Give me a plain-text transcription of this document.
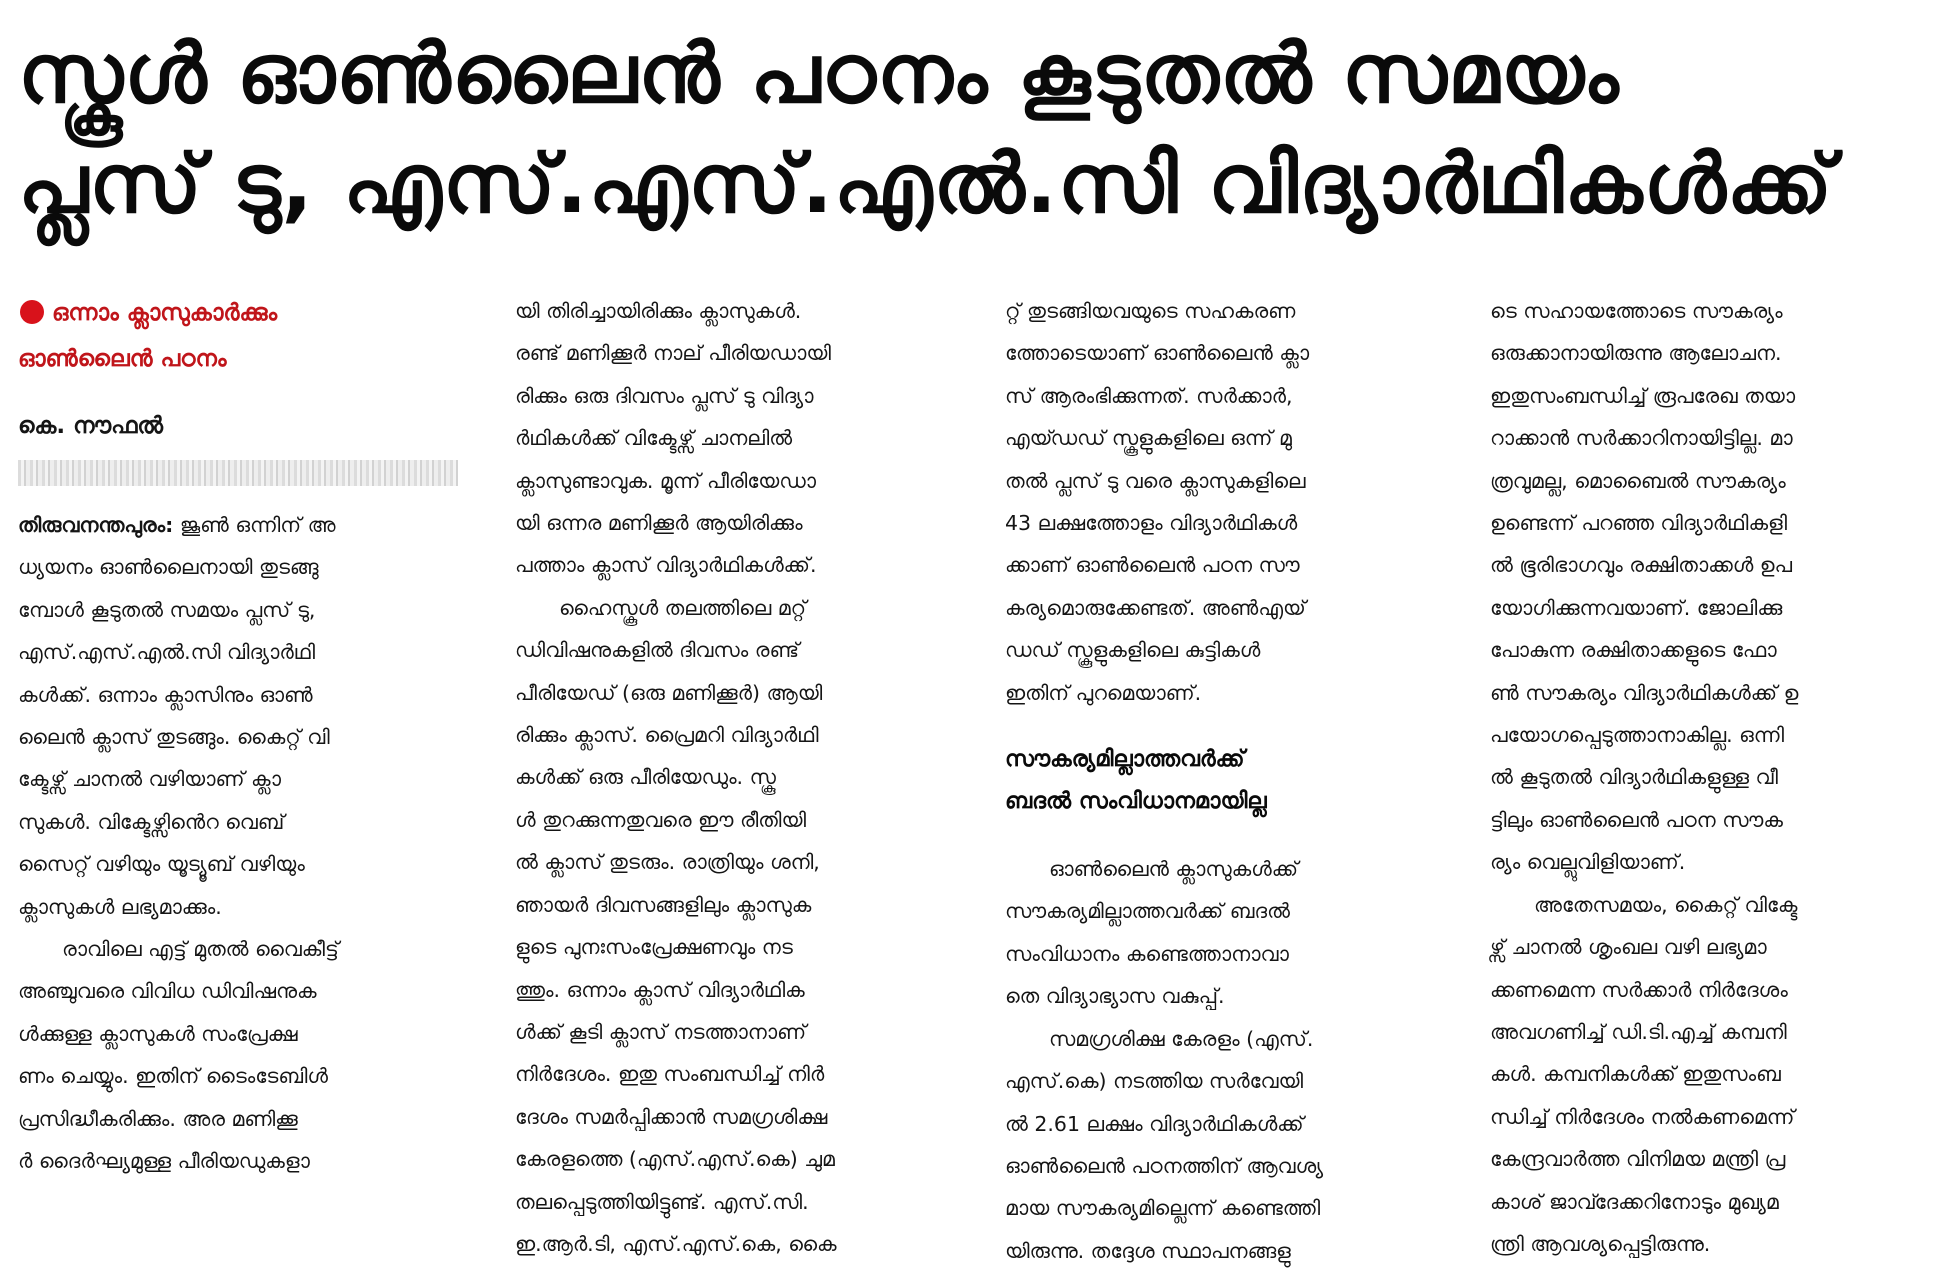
സ്കൂൾ ഓൺലൈൻ പഠനം കൂടുതൽ സമയം
പ്ലസ് ടു, എസ്.എസ്.എൽ.സി വിദ്യാർഥികൾക്ക്
ഒന്നാം ക്ലാസുകാർക്കും
ഓൺലൈൻ പഠനം
കെ. നൗഫൽ

തിരുവനന്തപുരം: ജൂൺ ഒന്നിന് അ
ധ്യയനം ഓൺലൈനായി തുടങ്ങു
മ്പോൾ കൂടുതൽ സമയം പ്ലസ് ടു,
എസ്.എസ്.എൽ.സി വിദ്യാർഥി
കൾക്ക്. ഒന്നാം ക്ലാസിനും ഓൺ
ലൈൻ ക്ലാസ് തുടങ്ങും. കൈറ്റ് വി
ക്ടേഴ്സ് ചാനൽ വഴിയാണ് ക്ലാ
സുകൾ. വിക്ടേഴ്സിൻെറ വെബ്
സൈറ്റ് വഴിയും യൂട്യൂബ് വഴിയും
ക്ലാസുകൾ ലഭ്യമാക്കും.

രാവിലെ എട്ട് മുതൽ വൈകീട്ട്
അഞ്ചുവരെ വിവിധ ഡിവിഷനുക
ൾക്കുള്ള ക്ലാസുകൾ സംപ്രേക്ഷ
ണം ചെയ്യും. ഇതിന് ടൈംടേബിൾ
പ്രസിദ്ധീകരിക്കും. അര മണിക്കൂ
ർ ദൈർഘ്യമുള്ള പീരിയഡുകളാ

യി തിരിച്ചായിരിക്കും ക്ലാസുകൾ.
രണ്ട് മണിക്കൂർ നാല് പീരിയഡായി
രിക്കും ഒരു ദിവസം പ്ലസ് ടു വിദ്യാ
ർഥികൾക്ക് വിക്ടേഴ്സ് ചാനലിൽ
ക്ലാസുണ്ടാവുക. മൂന്ന് പീരിയേഡാ
യി ഒന്നര മണിക്കൂർ ആയിരിക്കും
പത്താം ക്ലാസ് വിദ്യാർഥികൾക്ക്.

ഹൈസ്കൂൾ തലത്തിലെ മറ്റ്
ഡിവിഷനുകളിൽ ദിവസം രണ്ട്
പീരിയേഡ് (ഒരു മണിക്കൂർ) ആയി
രിക്കും ക്ലാസ്. പ്രൈമറി വിദ്യാർഥി
കൾക്ക് ഒരു പീരിയേഡും. സ്കൂ
ൾ തുറക്കുന്നതുവരെ ഈ രീതിയി
ൽ ക്ലാസ് തുടരും. രാത്രിയും ശനി,
ഞായർ ദിവസങ്ങളിലും ക്ലാസുക
ളുടെ പുനഃസംപ്രേക്ഷണവും നട
ത്തും. ഒന്നാം ക്ലാസ് വിദ്യാർഥിക
ൾക്ക് കൂടി ക്ലാസ് നടത്താനാണ്
നിർദേശം. ഇതു സംബന്ധിച്ച് നിർ
ദേശം സമർപ്പിക്കാൻ സമഗ്രശിക്ഷ
കേരളത്തെ (എസ്.എസ്.കെ) ചുമ
തലപ്പെടുത്തിയിട്ടുണ്ട്. എസ്.സി.
ഇ.ആർ.ടി, എസ്.എസ്.കെ, കൈ

റ്റ് തുടങ്ങിയവയുടെ സഹകരണ
ത്തോടെയാണ് ഓൺലൈൻ ക്ലാ
സ് ആരംഭിക്കുന്നത്. സർക്കാർ,
എയ്ഡഡ് സ്കൂളുകളിലെ ഒന്ന് മു
തൽ പ്ലസ് ടു വരെ ക്ലാസുകളിലെ
43 ലക്ഷത്തോളം വിദ്യാർഥികൾ
ക്കാണ് ഓൺലൈൻ പഠന സൗ
കര്യമൊരുക്കേണ്ടത്. അൺഎയ്
ഡഡ് സ്കൂളുകളിലെ കുട്ടികൾ
ഇതിന് പുറമെയാണ്.

സൗകര്യമില്ലാത്തവർക്ക്
ബദൽ സംവിധാനമായില്ല

ഓൺലൈൻ ക്ലാസുകൾക്ക്
സൗകര്യമില്ലാത്തവർക്ക് ബദൽ
സംവിധാനം കണ്ടെത്താനാവാ
തെ വിദ്യാഭ്യാസ വകുപ്പ്.

സമഗ്രശിക്ഷ കേരളം (എസ്.
എസ്.കെ) നടത്തിയ സർവേയി
ൽ 2.61 ലക്ഷം വിദ്യാർഥികൾക്ക്
ഓൺലൈൻ പഠനത്തിന് ആവശ്യ
മായ സൗകര്യമില്ലെന്ന് കണ്ടെത്തി
യിരുന്നു. തദ്ദേശ സ്ഥാപനങ്ങളു

ടെ സഹായത്തോടെ സൗകര്യം
ഒരുക്കാനായിരുന്നു ആലോചന.
ഇതുസംബന്ധിച്ച് രൂപരേഖ തയാ
റാക്കാൻ സർക്കാറിനായിട്ടില്ല. മാ
ത്രവുമല്ല, മൊബൈൽ സൗകര്യം
ഉണ്ടെന്ന് പറഞ്ഞ വിദ്യാർഥികളി
ൽ ഭൂരിഭാഗവും രക്ഷിതാക്കൾ ഉപ
യോഗിക്കുന്നവയാണ്. ജോലിക്കു
പോകുന്ന രക്ഷിതാക്കളുടെ ഫോ
ൺ സൗകര്യം വിദ്യാർഥികൾക്ക് ഉ
പയോഗപ്പെടുത്താനാകില്ല. ഒന്നി
ൽ കൂടുതൽ വിദ്യാർഥികളുള്ള വീ
ട്ടിലും ഓൺലൈൻ പഠന സൗക
ര്യം വെല്ലുവിളിയാണ്.

അതേസമയം, കൈറ്റ് വിക്ടേ
ഴ്സ് ചാനൽ ശൃംഖല വഴി ലഭ്യമാ
ക്കണമെന്ന സർക്കാർ നിർദേശം
അവഗണിച്ച് ഡി.ടി.എച്ച് കമ്പനി
കൾ. കമ്പനികൾക്ക് ഇതുസംബ
ന്ധിച്ച് നിർദേശം നൽകണമെന്ന്
കേന്ദ്രവാർത്ത വിനിമയ മന്ത്രി പ്ര
കാശ് ജാവ്ദേക്കറിനോടും മുഖ്യമ
ന്ത്രി ആവശ്യപ്പെട്ടിരുന്നു.
